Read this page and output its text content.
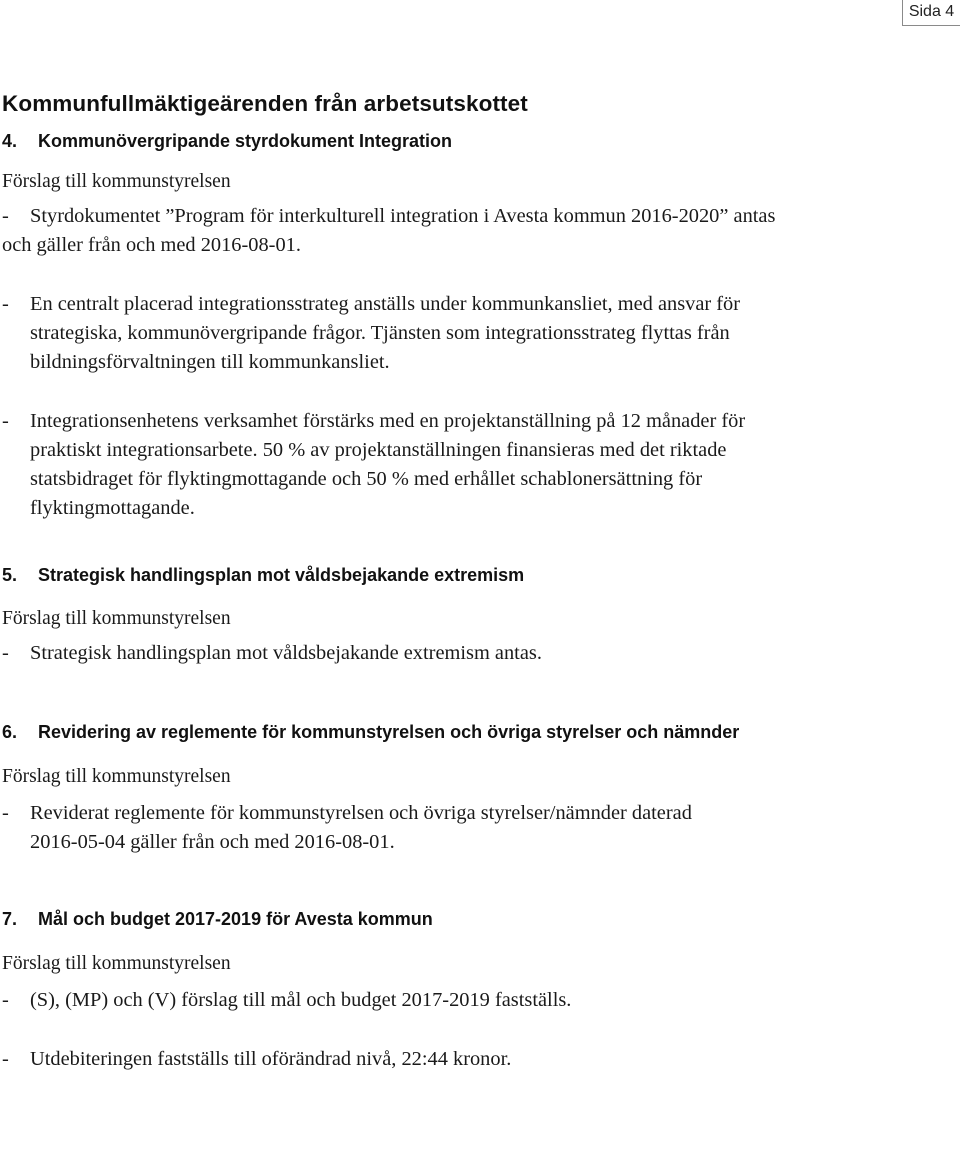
Sida 4
Kommunfullmäktigeärenden från arbetsutskottet
4.	Kommunövergripande styrdokument Integration

Förslag till kommunstyrelsen

- Styrdokumentet ”Program för interkulturell integration i Avesta kommun 2016-2020” antas
och gäller från och med 2016-08-01.

- En centralt placerad integrationsstrateg anställs under kommunkansliet, med ansvar för
strategiska, kommunövergripande frågor. Tjänsten som integrationsstrateg flyttas från
bildningsförvaltningen till kommunkansliet.

- Integrationsenhetens verksamhet förstärks med en projektanställning på 12 månader för
praktiskt integrationsarbete. 50 % av projektanställningen finansieras med det riktade
statsbidraget för flyktingmottagande och 50 % med erhållet schablonersättning för
flyktingmottagande.

5.	Strategisk handlingsplan mot våldsbejakande extremism

Förslag till kommunstyrelsen

- Strategisk handlingsplan mot våldsbejakande extremism antas.

6.	Revidering av reglemente för kommunstyrelsen och övriga styrelser och nämnder

Förslag till kommunstyrelsen

- Reviderat reglemente för kommunstyrelsen och övriga styrelser/nämnder daterad
2016-05-04 gäller från och med 2016-08-01.

7.	Mål och budget 2017-2019 för Avesta kommun

Förslag till kommunstyrelsen

- (S), (MP) och (V) förslag till mål och budget 2017-2019 fastställs.

- Utdebiteringen fastställs till oförändrad nivå, 22:44 kronor.
